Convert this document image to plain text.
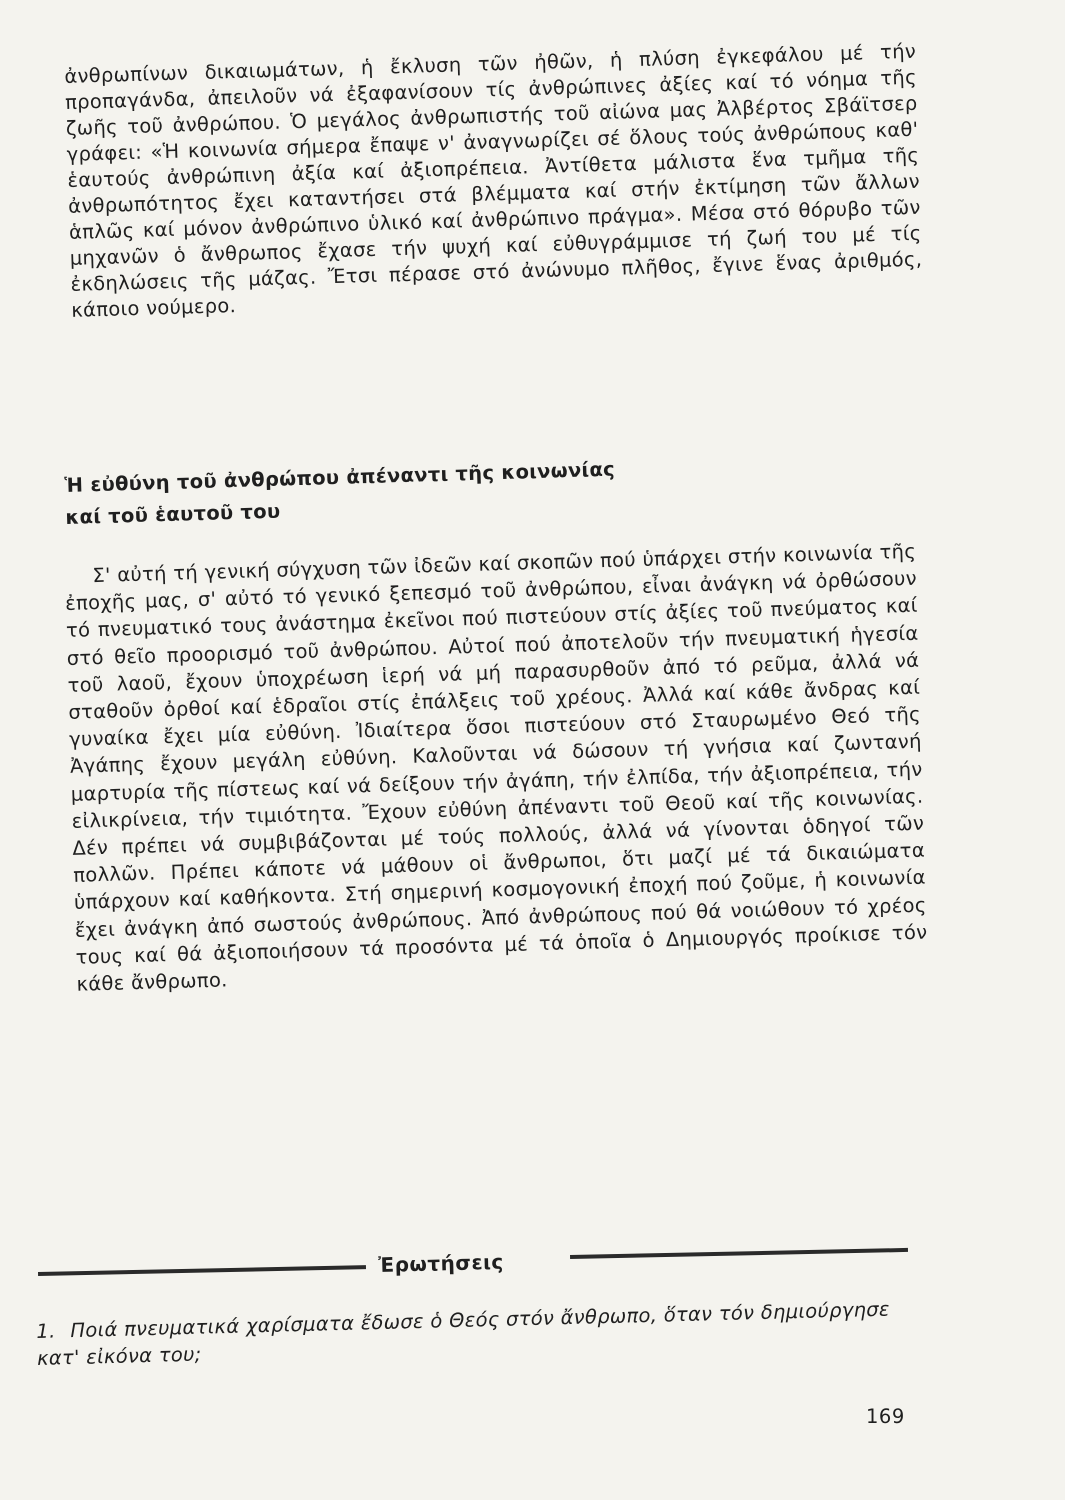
ἀνθρωπίνων δικαιωμάτων, ἡ ἔκλυση τῶν ἠθῶν, ἡ πλύση ἐγκεφάλου μέ τήν προπαγάνδα, ἀπειλοῦν νά ἐξαφανίσουν τίς ἀνθρώπινες ἀξίες καί τό νόημα τῆς ζωῆς τοῦ ἀνθρώπου. Ὁ μεγάλος ἀνθρωπιστής τοῦ αἰώνα μας Ἀλβέρτος Σβάϊτσερ γράφει: «Ἡ κοινωνία σήμερα ἔπαψε ν' ἀναγνωρίζει σέ ὅλους τούς ἀνθρώπους καθ' ἑαυτούς ἀνθρώπινη ἀξία καί ἀξιοπρέπεια. Ἀντίθετα μάλιστα ἕνα τμῆμα τῆς ἀνθρωπότητος ἔχει καταντήσει στά βλέμματα καί στήν ἐκτίμηση τῶν ἄλλων ἁπλῶς καί μόνον ἀνθρώπινο ὑλικό καί ἀνθρώπινο πράγμα». Μέσα στό θόρυβο τῶν μηχανῶν ὁ ἄνθρωπος ἔχασε τήν ψυχή καί εὐθυγράμμισε τή ζωή του μέ τίς ἐκδηλώσεις τῆς μάζας. Ἔτσι πέρασε στό ἀνώνυμο πλῆθος, ἔγινε ἕνας ἀριθμός, κάποιο νούμερο.
Ἡ εὐθύνη τοῦ ἀνθρώπου ἀπέναντι τῆς κοινωνίας
καί τοῦ ἑαυτοῦ του
Σ' αὐτή τή γενική σύγχυση τῶν ἰδεῶν καί σκοπῶν πού ὑπάρχει στήν κοινωνία τῆς ἐποχῆς μας, σ' αὐτό τό γενικό ξεπεσμό τοῦ ἀνθρώπου, εἶναι ἀνάγκη νά ὀρθώσουν τό πνευματικό τους ἀνάστημα ἐκεῖνοι πού πιστεύουν στίς ἀξίες τοῦ πνεύματος καί στό θεῖο προορισμό τοῦ ἀνθρώπου. Αὐτοί πού ἀποτελοῦν τήν πνευματική ἡγεσία τοῦ λαοῦ, ἔχουν ὑποχρέωση ἱερή νά μή παρασυρθοῦν ἀπό τό ρεῦμα, ἀλλά νά σταθοῦν ὀρθοί καί ἑδραῖοι στίς ἐπάλξεις τοῦ χρέους. Ἀλλά καί κάθε ἄνδρας καί γυναίκα ἔχει μία εὐθύνη. Ἰδιαίτερα ὅσοι πιστεύουν στό Σταυρωμένο Θεό τῆς Ἀγάπης ἔχουν μεγάλη εὐθύνη. Καλοῦνται νά δώσουν τή γνήσια καί ζωντανή μαρτυρία τῆς πίστεως καί νά δείξουν τήν ἀγάπη, τήν ἐλπίδα, τήν ἀξιοπρέπεια, τήν εἰλικρίνεια, τήν τιμιότητα. Ἔχουν εὐθύνη ἀπέναντι τοῦ Θεοῦ καί τῆς κοινωνίας. Δέν πρέπει νά συμβιβάζονται μέ τούς πολλούς, ἀλλά νά γίνονται ὁδηγοί τῶν πολλῶν. Πρέπει κάποτε νά μάθουν οἱ ἄνθρωποι, ὅτι μαζί μέ τά δικαιώματα ὑπάρχουν καί καθήκοντα. Στή σημερινή κοσμογονική ἐποχή πού ζοῦμε, ἡ κοινωνία ἔχει ἀνάγκη ἀπό σωστούς ἀνθρώπους. Ἀπό ἀνθρώπους πού θά νοιώθουν τό χρέος τους καί θά ἀξιοποιήσουν τά προσόντα μέ τά ὁποῖα ὁ Δημιουργός προίκισε τόν κάθε ἄνθρωπο.
Ἐρωτήσεις
1. Ποιά πνευματικά χαρίσματα ἔδωσε ὁ Θεός στόν ἄνθρωπο, ὅταν τόν δημιούργησε κατ' εἰκόνα του;
169
